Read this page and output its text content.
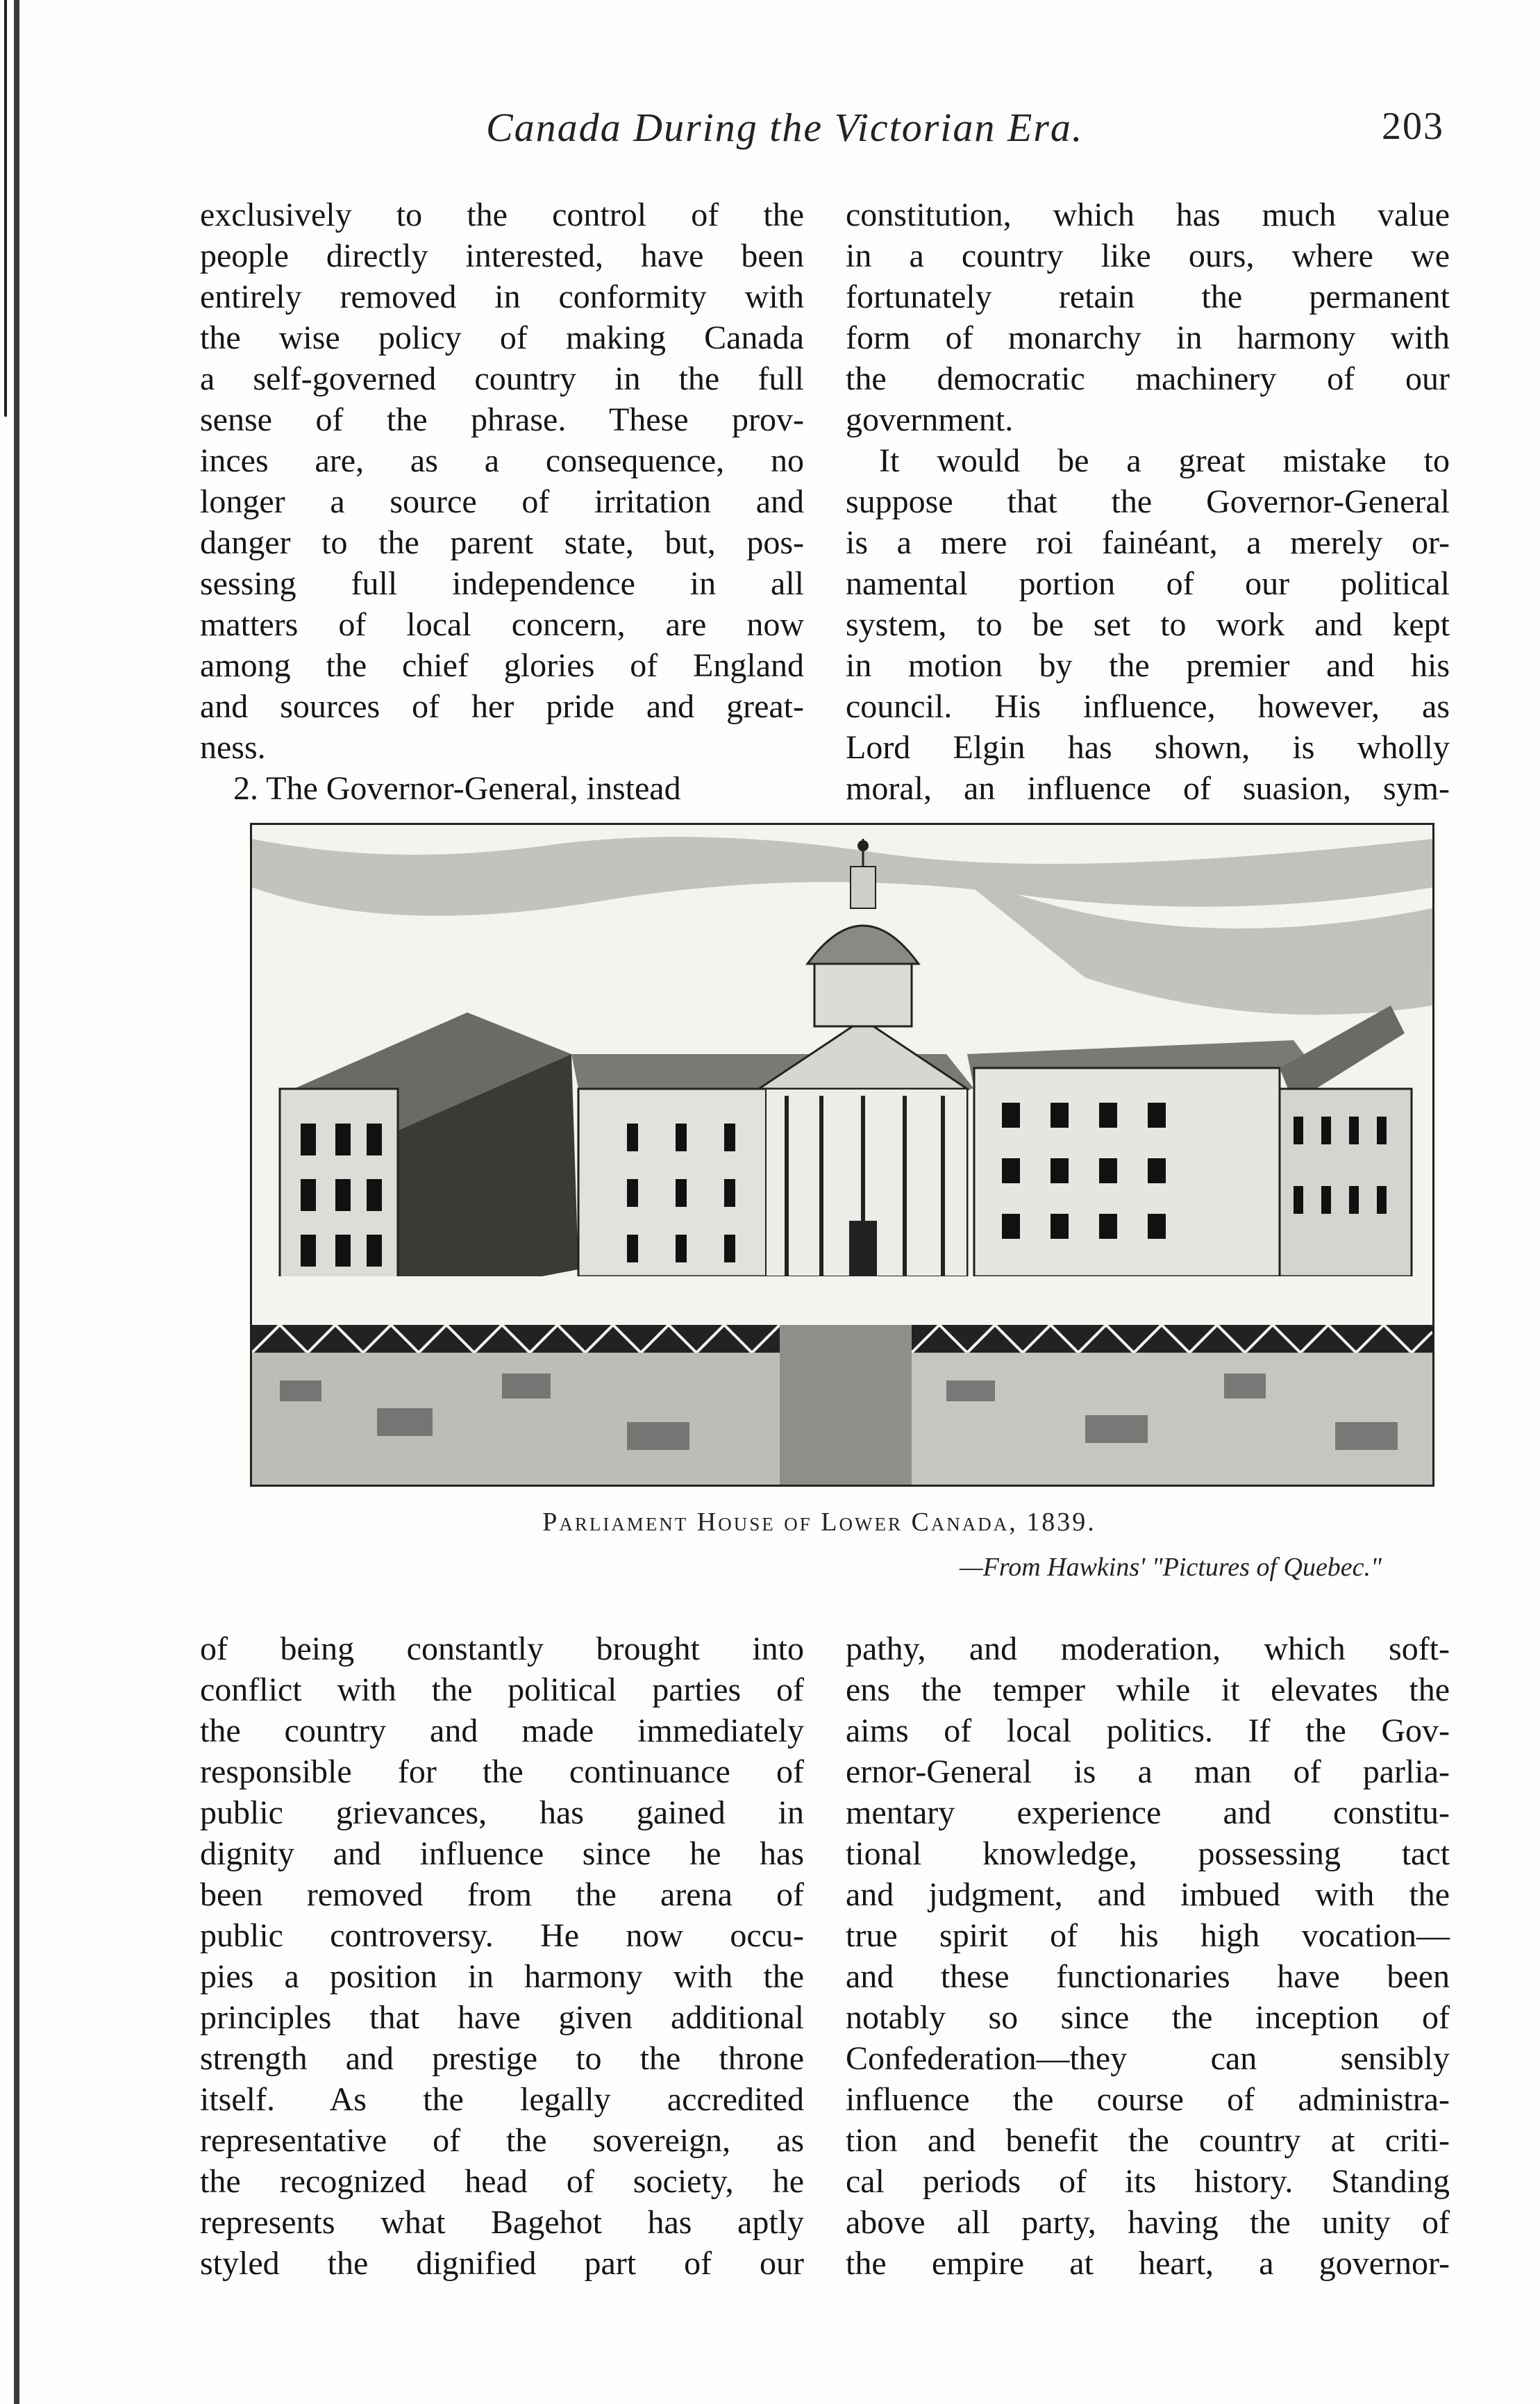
Canada During the Victorian Era.	203

exclusively to the control of the
people directly interested, have been
entirely removed in conformity with
the wise policy of making Canada
a self-governed country in the full
sense of the phrase. These prov-
inces are, as a consequence, no
longer a source of irritation and
danger to the parent state, but, pos-
sessing full independence in all
matters of local concern, are now
among the chief glories of England
and sources of her pride and great-

ness.

2. The Governor-General, instead

constitution, which has much value
in a country like ours, where we
fortunately retain the permanent
form of monarchy in harmony with
the democratic machinery of our

government.

It would be a great mistake to
suppose that the Governor-General
is a mere roi fainéant, a merely or-
namental portion of our political
system, to be set to work and kept
in motion by the premier and his
council. His influence, however, as
Lord Elgin has shown, is wholly
moral, an influence of suasion, sym-

Parliament House of Lower Canada, 1839.
—From Hawkins' "Pictures of Quebec."

of being constantly brought into
conflict with the political parties of
the country and made immediately
responsible for the continuance of
public grievances, has gained in
dignity and influence since he has
been removed from the arena of
public controversy. He now occu-
pies a position in harmony with the
principles that have given additional
strength and prestige to the throne
itself. As the legally accredited
representative of the sovereign, as
the recognized head of society, he
represents what Bagehot has aptly
styled the dignified part of our

pathy, and moderation, which soft-
ens the temper while it elevates the
aims of local politics. If the Gov-
ernor-General is a man of parlia-
mentary experience and constitu-
tional knowledge, possessing tact
and judgment, and imbued with the
true spirit of his high vocation—
and these functionaries have been
notably so since the inception of
Confederation—they can sensibly
influence the course of administra-
tion and benefit the country at criti-
cal periods of its history. Standing
above all party, having the unity of
the empire at heart, a governor-
